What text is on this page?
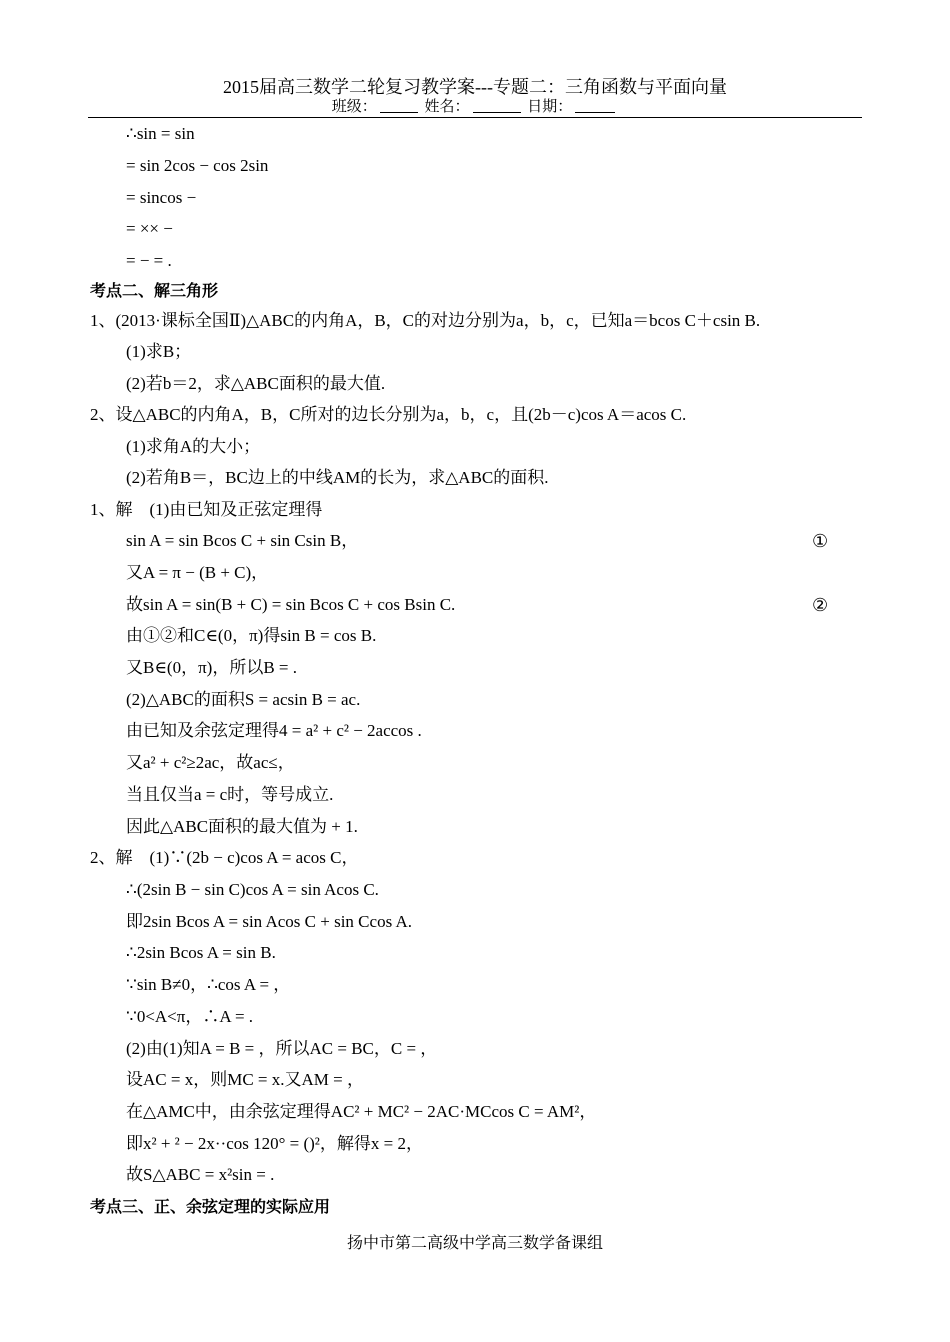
2015届高三数学二轮复习教学案---专题二：三角函数与平面向量
班级：	姓名：	日期：
∴sin = sin
= sin 2cos − cos 2sin
= sincos −
= ×× −
= − = .
考点二、解三角形
1、(2013·课标全国Ⅱ)△ABC的内角A，B，C的对边分别为a，b，c，已知a＝bcos C＋csin B.
(1)求B；
(2)若b＝2，求△ABC面积的最大值.
2、设△ABC的内角A，B，C所对的边长分别为a，b，c，且(2b－c)cos A＝acos C.
(1)求角A的大小；
(2)若角B＝，BC边上的中线AM的长为，求△ABC的面积.
1、解　(1)由已知及正弦定理得
sin A = sin Bcos C + sin Csin B，	①
又A = π − (B + C)，
故sin A = sin(B + C) = sin Bcos C + cos Bsin C.	②
由①②和C∈(0，π)得sin B = cos B.
又B∈(0，π)，所以B = .
(2)△ABC的面积S = acsin B = ac.
由已知及余弦定理得4 = a² + c² − 2accos .
又a² + c²≥2ac，故ac≤，
当且仅当a = c时，等号成立.
因此△ABC面积的最大值为 + 1.
2、解　(1)∵(2b − c)cos A = acos C，
∴(2sin B − sin C)cos A = sin Acos C.
即2sin Bcos A = sin Acos C + sin Ccos A.
∴2sin Bcos A = sin B.
∵sin B≠0，∴cos A = ，
∵0<A<π，∴A = .
(2)由(1)知A = B = ，所以AC = BC，C = ，
设AC = x，则MC = x.又AM = ，
在△AMC中，由余弦定理得AC² + MC² − 2AC·MCcos C = AM²，
即x² + ² − 2x··cos 120° = ()²，解得x = 2，
故S△ABC = x²sin = .
考点三、正、余弦定理的实际应用
扬中市第二高级中学高三数学备课组
